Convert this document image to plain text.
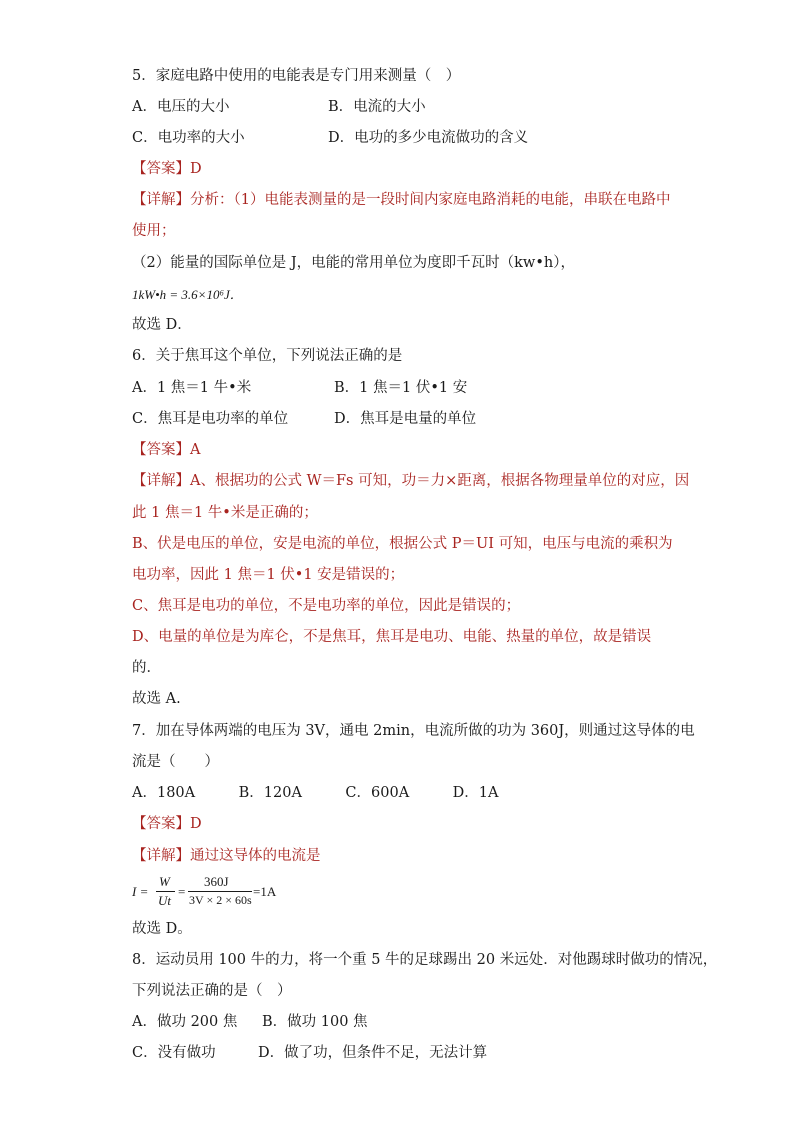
5．家庭电路中使用的电能表是专门用来测量（　）
A．电压的大小	B．电流的大小
C．电功率的大小	D．电功的多少电流做功的含义
【答案】D
【详解】分析：（1）电能表测量的是一段时间内家庭电路消耗的电能，串联在电路中
使用；
（2）能量的国际单位是 J，电能的常用单位为度即千瓦时（kw•h），
1kW•h = 3.6×10⁶J．
故选 D．
6．关于焦耳这个单位，下列说法正确的是
A．1 焦＝1 牛•米	B．1 焦＝1 伏•1 安
C．焦耳是电功率的单位	D．焦耳是电量的单位
【答案】A
【详解】A、根据功的公式 W＝Fs 可知，功＝力×距离，根据各物理量单位的对应，因
此 1 焦＝1 牛•米是正确的；
B、伏是电压的单位，安是电流的单位，根据公式 P＝UI 可知，电压与电流的乘积为
电功率，因此 1 焦＝1 伏•1 安是错误的；
C、焦耳是电功的单位，不是电功率的单位，因此是错误的；
D、电量的单位是为库仑，不是焦耳，焦耳是电功、电能、热量的单位，故是错误
的．
故选 A.
7．加在导体两端的电压为 3V，通电 2min，电流所做的功为 360J，则通过这导体的电
流是（　　）
A．180A　　　B．120A　　　C．600A　　　D．1A
【答案】D
【详解】通过这导体的电流是
I =
W
Ut
=
360J
3V × 2 × 60s
=1A
故选 D。
8．运动员用 100 牛的力，将一个重 5 牛的足球踢出 20 米远处．对他踢球时做功的情况，
下列说法正确的是（　）
A．做功 200 焦 B．做功 100 焦
C．没有做功	D．做了功，但条件不足，无法计算
